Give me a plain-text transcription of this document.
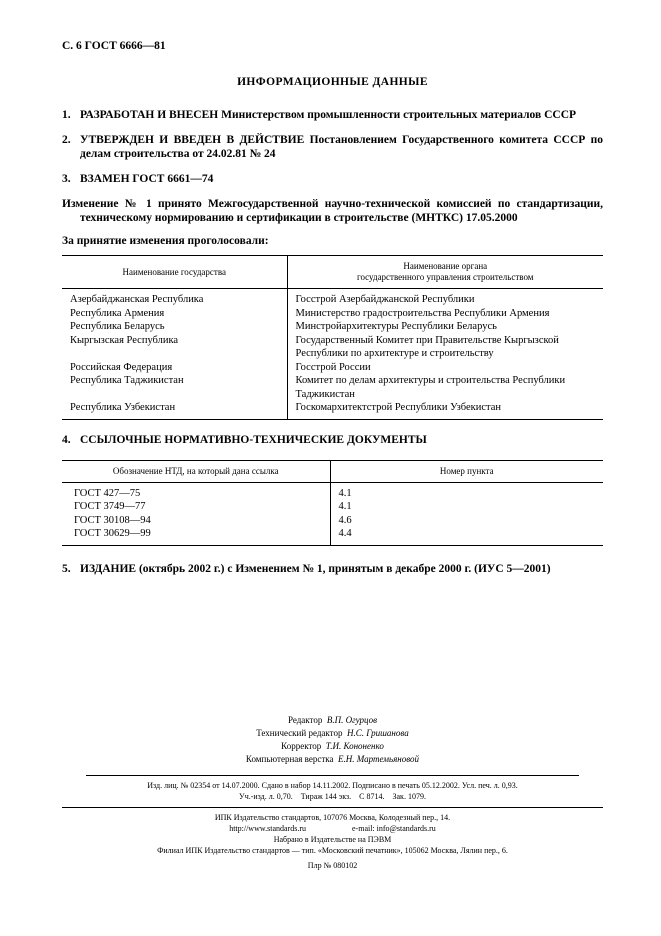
С. 6 ГОСТ 6666—81
ИНФОРМАЦИОННЫЕ ДАННЫЕ
1. РАЗРАБОТАН И ВНЕСЕН Министерством промышленности строительных материалов СССР
2. УТВЕРЖДЕН И ВВЕДЕН В ДЕЙСТВИЕ Постановлением Государственного комитета СССР по делам строительства от 24.02.81 № 24
3. ВЗАМЕН ГОСТ 6661—74
Изменение № 1 принято Межгосударственной научно-технической комиссией по стандартизации, техническому нормированию и сертификации в строительстве (МНТКС) 17.05.2000
За принятие изменения проголосовали:
Наименование государства	Наименование органа
государственного управления строительством

Азербайджанская Республика	Госстрой Азербайджанской Республики
Республика Армения	Министерство градостроительства Республики Армения
Республика Беларусь	Минстройархитектуры Республики Беларусь
Кыргызская Республика	Государственный Комитет при Правительстве Кыргызской Республики по архитектуре и строительству
Российская Федерация	Госстрой России
Республика Таджикистан	Комитет по делам архитектуры и строительства Республики Таджикистан
Республика Узбекистан	Госкомархитектстрой Республики Узбекистан
4. ССЫЛОЧНЫЕ НОРМАТИВНО-ТЕХНИЧЕСКИЕ ДОКУМЕНТЫ
Обозначение НТД, на который дана ссылка	Номер пункта
ГОСТ 427—75	4.1
ГОСТ 3749—77	4.1
ГОСТ 30108—94	4.6
ГОСТ 30629—99	4.4
5. ИЗДАНИЕ (октябрь 2002 г.) с Изменением № 1, принятым в декабре 2000 г. (ИУС 5—2001)
Редактор В.П. Огурцов
Технический редактор Н.С. Гришанова
Корректор Т.И. Кононенко
Компьютерная верстка Е.Н. Мартемьяновой
Изд. лиц. № 02354 от 14.07.2000. Сдано в набор 14.11.2002. Подписано в печать 05.12.2002. Усл. печ. л. 0,93.
Уч.-изд. л. 0,70.    Тираж 144 экз.    С 8714.    Зак. 1079.
ИПК Издательство стандартов, 107076 Москва, Колодезный пер., 14.
http://www.standards.ru	e-mail: info@standards.ru
Набрано в Издательстве на ПЭВМ
Филиал ИПК Издательство стандартов — тип. «Московский печатник», 105062 Москва, Лялин пер., 6.
Плр № 080102
